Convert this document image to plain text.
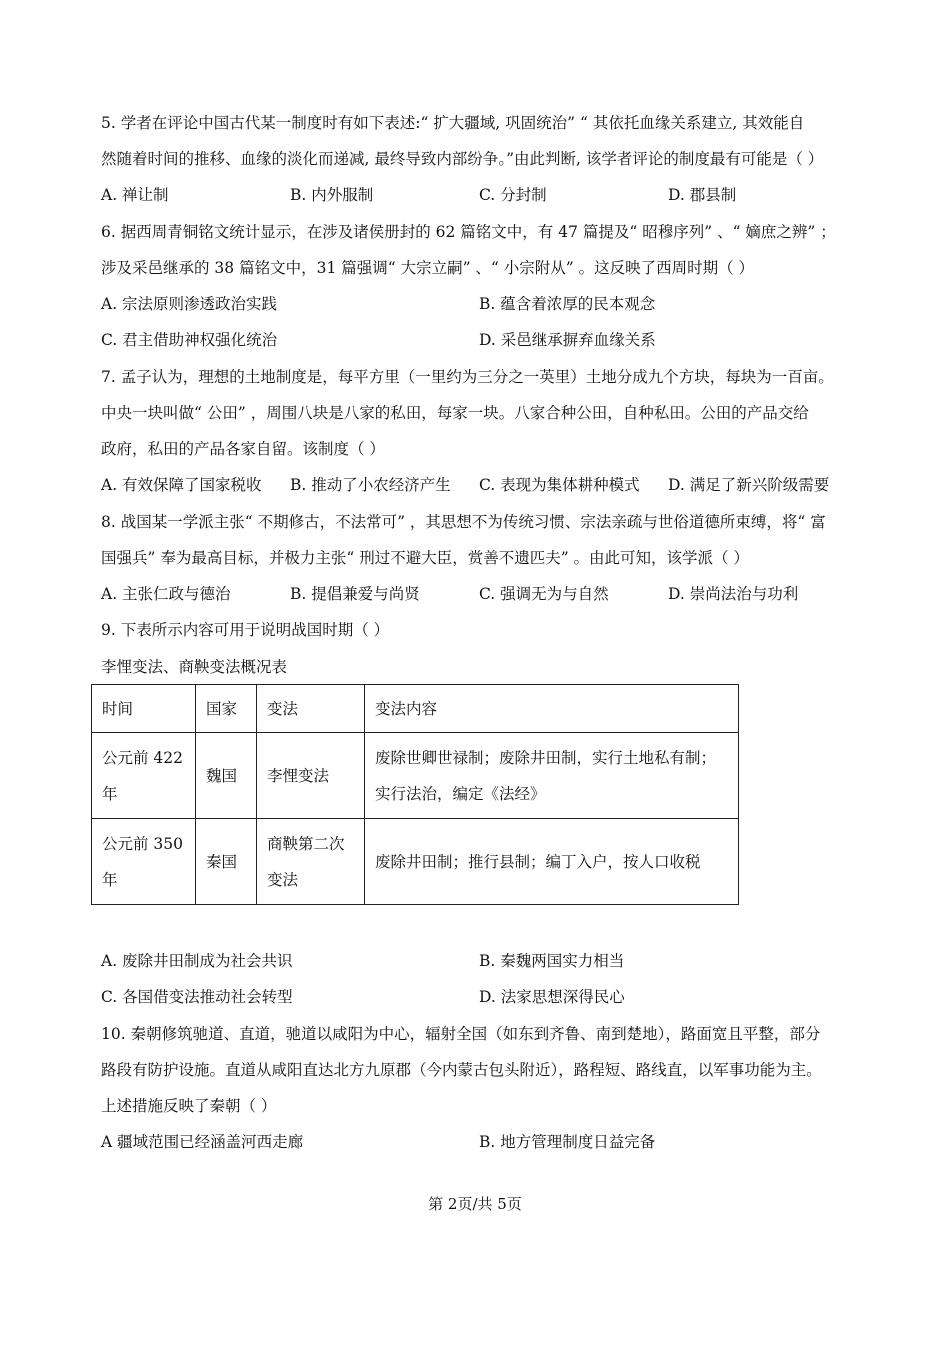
5. 学者在评论中国古代某一制度时有如下表述:“ 扩大疆域, 巩固统治” “ 其依托血缘关系建立, 其效能自
然随着时间的推移、血缘的淡化而递减, 最终导致内部纷争。”由此判断, 该学者评论的制度最有可能是（ ）
A. 禅让制	B. 内外服制	C. 分封制	D. 郡县制
6. 据西周青铜铭文统计显示，在涉及诸侯册封的 62 篇铭文中，有 47 篇提及“ 昭穆序列” 、“ 嫡庶之辨” ；
涉及采邑继承的 38 篇铭文中，31 篇强调“ 大宗立嗣” 、“ 小宗附从” 。这反映了西周时期（ ）
A. 宗法原则渗透政治实践	B. 蕴含着浓厚的民本观念
C. 君主借助神权强化统治	D. 采邑继承摒弃血缘关系
7. 孟子认为，理想的土地制度是，每平方里（一里约为三分之一英里）土地分成九个方块，每块为一百亩。
中央一块叫做“ 公田” ，周围八块是八家的私田，每家一块。八家合种公田，自种私田。公田的产品交给
政府，私田的产品各家自留。该制度（ ）
A. 有效保障了国家税收 B. 推动了小农经济产生 C. 表现为集体耕种模式 D. 满足了新兴阶级需要
8. 战国某一学派主张“ 不期修古，不法常可” ，其思想不为传统习惯、宗法亲疏与世俗道德所束缚，将“ 富
国强兵” 奉为最高目标，并极力主张“ 刑过不避大臣，赏善不遗匹夫” 。由此可知，该学派（ ）
A. 主张仁政与德治	B. 提倡兼爱与尚贤	C. 强调无为与自然	D. 崇尚法治与功利
9. 下表所示内容可用于说明战国时期（ ）
李悝变法、商鞅变法概况表
时间	国家	变法	变法内容
公元前 422 年	魏国	李悝变法	废除世卿世禄制；废除井田制，实行土地私有制；实行法治，编定《法经》
公元前 350 年	秦国	商鞅第二次变法	废除井田制；推行县制；编丁入户，按人口收税
A. 废除井田制成为社会共识	B. 秦魏两国实力相当
C. 各国借变法推动社会转型	D. 法家思想深得民心
10. 秦朝修筑驰道、直道，驰道以咸阳为中心，辐射全国（如东到齐鲁、南到楚地），路面宽且平整，部分
路段有防护设施。直道从咸阳直达北方九原郡（今内蒙古包头附近），路程短、路线直，以军事功能为主。
上述措施反映了秦朝（ ）
A 疆域范围已经涵盖河西走廊	B. 地方管理制度日益完备
第 2页/共 5页
